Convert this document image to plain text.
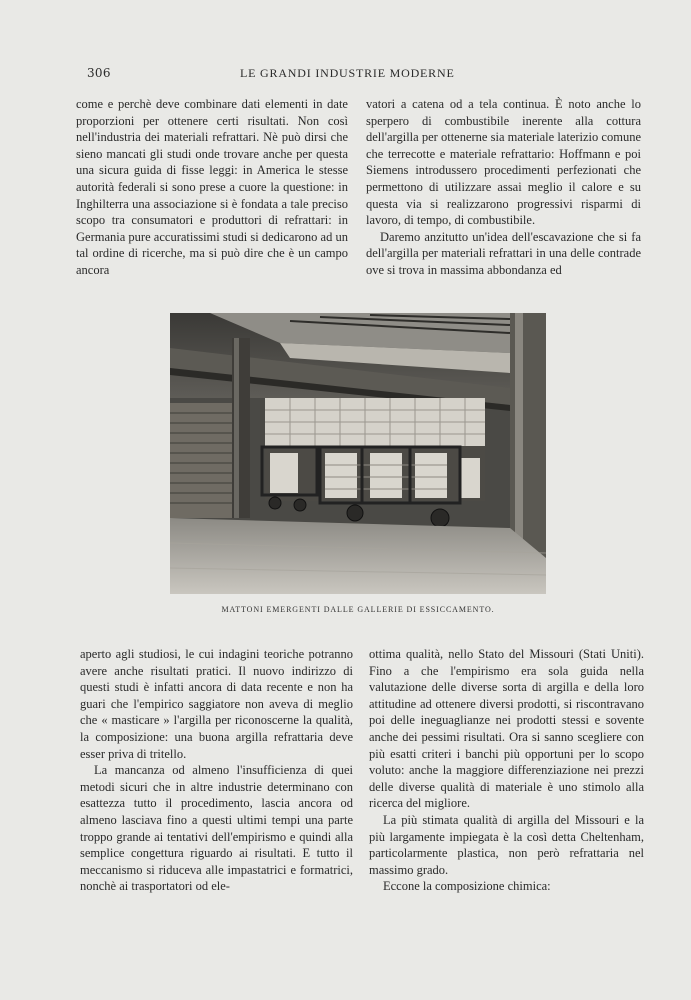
306	LE GRANDI INDUSTRIE MODERNE

come e perchè deve combinare dati elementi in date proporzioni per ottenere certi risultati. Non così nell'industria dei materiali refrattari. Nè può dirsi che sieno mancati gli studi onde trovare anche per questa una sicura guida di fisse leggi: in America le stesse autorità federali si sono prese a cuore la questione: in Inghilterra una associazione si è fondata a tale preciso scopo tra consumatori e produttori di refrattari: in Germania pure accuratissimi studi si dedicarono ad un tal ordine di ricerche, ma si può dire che è un campo ancora

vatori a catena od a tela continua. È noto anche lo sperpero di combustibile inerente alla cottura dell'argilla per ottenerne sia materiale laterizio comune che terrecotte e materiale refrattario: Hoffmann e poi Siemens introdussero procedimenti perfezionati che permettono di utilizzare assai meglio il calore e su questa via si realizzarono progressivi risparmi di lavoro, di tempo, di combustibile.

Daremo anzitutto un'idea dell'escavazione che si fa dell'argilla per materiali refrattari in una delle contrade ove si trova in massima abbondanza ed

MATTONI EMERGENTI DALLE GALLERIE DI ESSICCAMENTO.

aperto agli studiosi, le cui indagini teoriche potranno avere anche risultati pratici. Il nuovo indirizzo di questi studi è infatti ancora di data recente e non ha guari che l'empirico saggiatore non aveva di meglio che « masticare » l'argilla per riconoscerne la qualità, la composizione: una buona argilla refrattaria deve esser priva di tritello.

La mancanza od almeno l'insufficienza di quei metodi sicuri che in altre industrie determinano con esattezza tutto il procedimento, lascia ancora od almeno lasciava fino a questi ultimi tempi una parte troppo grande ai tentativi dell'empirismo e quindi alla semplice congettura riguardo ai risultati. E tutto il meccanismo si riduceva alle impastatrici e formatrici, nonchè ai trasportatori od ele-

ottima qualità, nello Stato del Missouri (Stati Uniti). Fino a che l'empirismo era sola guida nella valutazione delle diverse sorta di argilla e della loro attitudine ad ottenere diversi prodotti, si riscontravano poi delle ineguaglianze nei prodotti stessi e sovente anche dei pessimi risultati. Ora si sanno scegliere con più esatti criteri i banchi più opportuni per lo scopo voluto: anche la maggiore differenziazione nei prezzi delle diverse qualità di materiale è uno stimolo alla ricerca del migliore.

La più stimata qualità di argilla del Missouri e la più largamente impiegata è la così detta Cheltenham, particolarmente plastica, non però refrattaria nel massimo grado.

Eccone la composizione chimica:
